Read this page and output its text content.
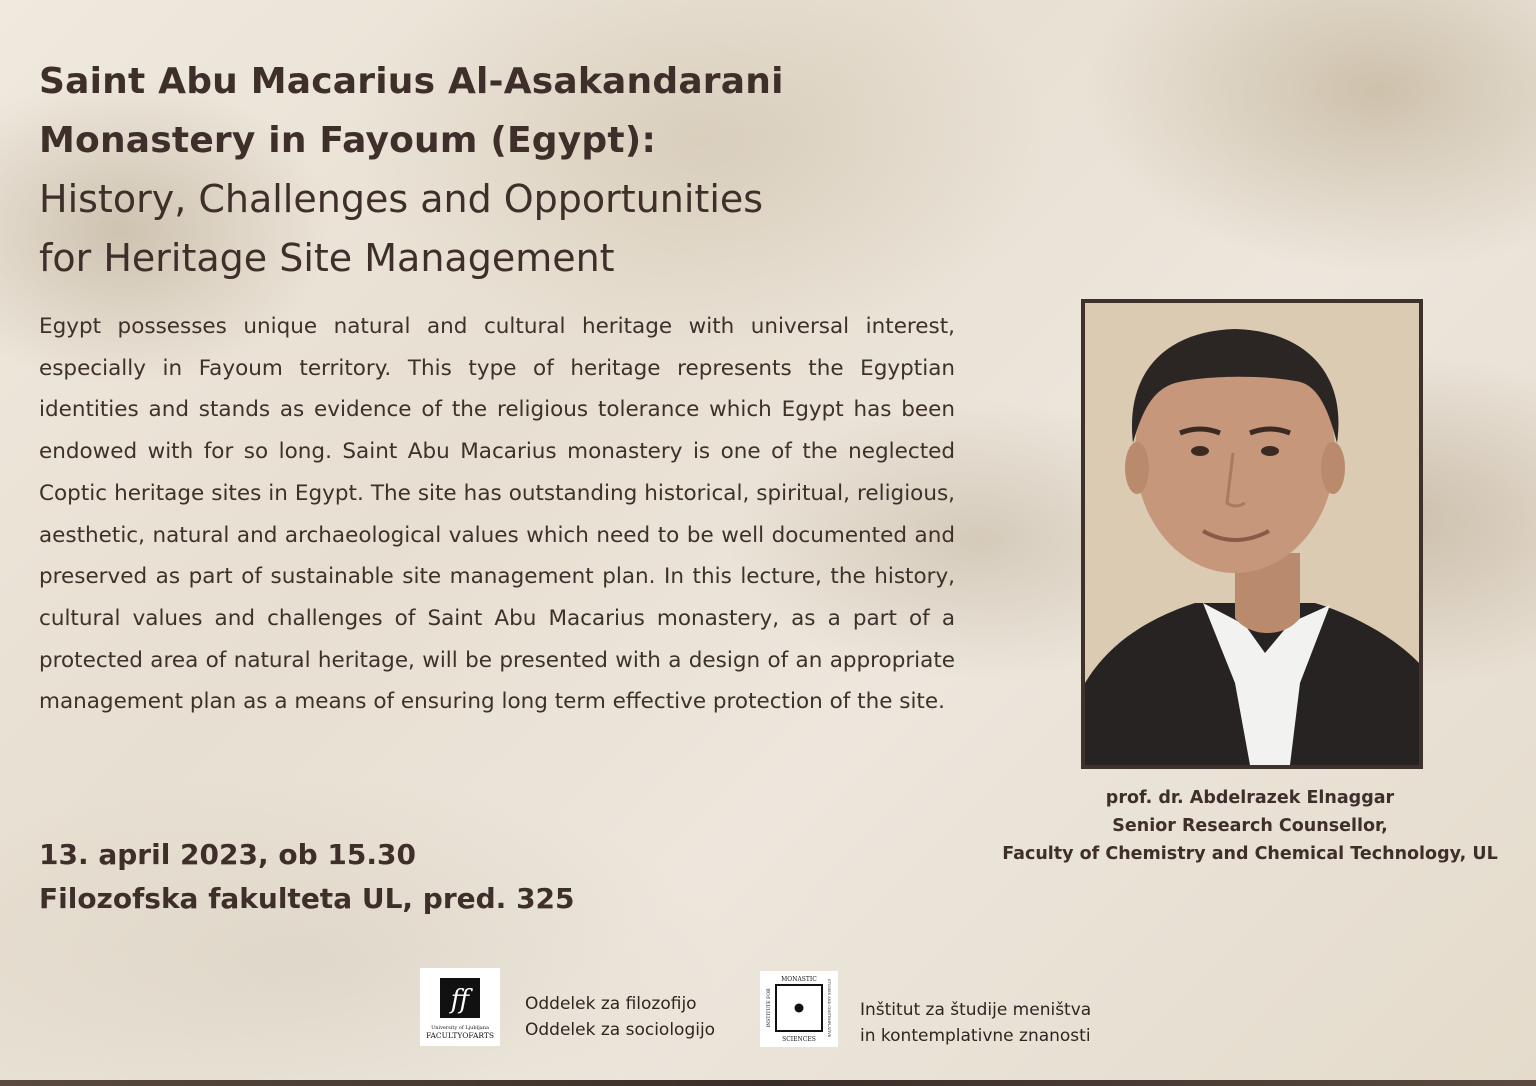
Saint Abu Macarius Al-Asakandarani
Monastery in Fayoum (Egypt):
History, Challenges and Opportunities
for Heritage Site Management

Egypt possesses unique natural and cultural heritage with universal interest, especially in Fayoum territory. This type of heritage represents the Egyptian identities and stands as evidence of the religious tolerance which Egypt has been endowed with for so long. Saint Abu Macarius monastery is one of the neglected Coptic heritage sites in Egypt. The site has outstanding historical, spiritual, religious, aesthetic, natural and archaeological values which need to be well documented and preserved as part of sustainable site management plan. In this lecture, the history, cultural values and challenges of Saint Abu Macarius monastery, as a part of a protected area of natural heritage, will be presented with a design of an appropriate management plan as a means of ensuring long term effective protection of the site.

13. april 2023, ob 15.30
Filozofska fakulteta UL, pred. 325
prof. dr. Abdelrazek Elnaggar
Senior Research Counsellor,
Faculty of Chemistry and Chemical Technology, UL
ff
University of Ljubljana
FACULTYOFARTS
Oddelek za filozofijo
Oddelek za sociologijo
MONASTIC
SCIENCES
INSTITUTE FOR	STUDIES AND CONTEMPLATIVE Inštitut za študije meništva
in kontemplativne znanosti
